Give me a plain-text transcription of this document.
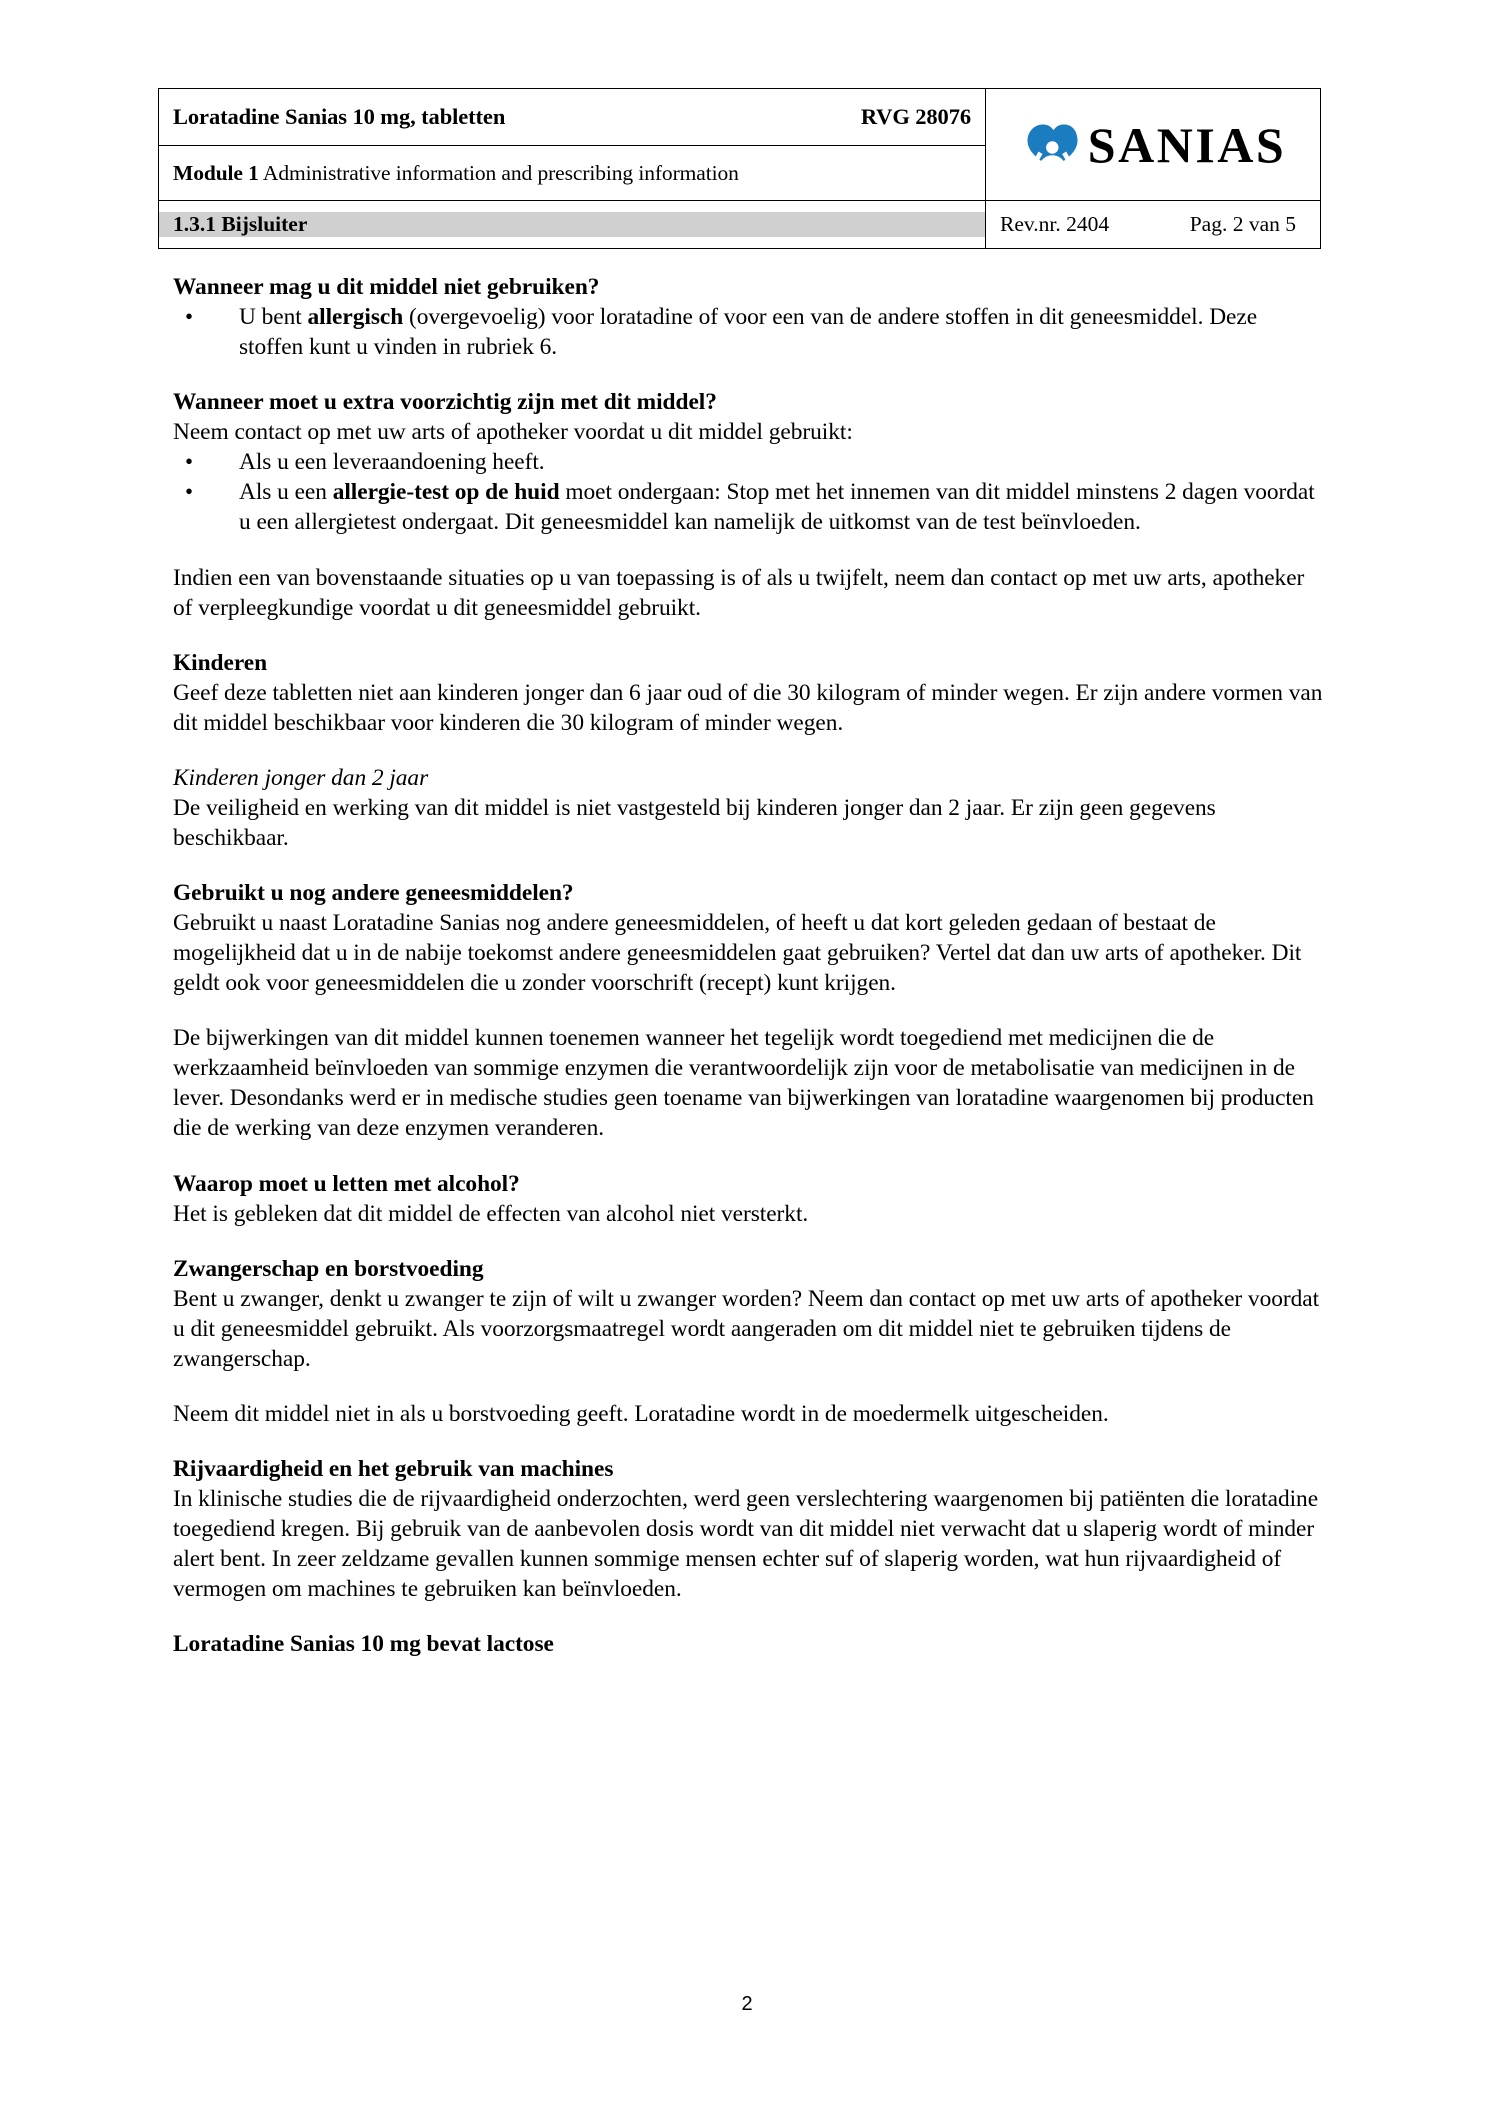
Loratadine Sanias 10 mg, tabletten RVG 28076	SANIAS

Module 1 Administrative information and prescribing information	

1.3.1 Bijsluiter	Rev.nr. 2404 Pag. 2 van 5

Wanneer mag u dit middel niet gebruiken?

• U bent allergisch (overgevoelig) voor loratadine of voor een van de andere stoffen in dit geneesmiddel. Deze stoffen kunt u vinden in rubriek 6.

Wanneer moet u extra voorzichtig zijn met dit middel?

Neem contact op met uw arts of apotheker voordat u dit middel gebruikt:

• Als u een leveraandoening heeft.
• Als u een allergie-test op de huid moet ondergaan: Stop met het innemen van dit middel minstens 2 dagen voordat u een allergietest ondergaat. Dit geneesmiddel kan namelijk de uitkomst van de test beïnvloeden.

Indien een van bovenstaande situaties op u van toepassing is of als u twijfelt, neem dan contact op met uw arts, apotheker of verpleegkundige voordat u dit geneesmiddel gebruikt.

Kinderen

Geef deze tabletten niet aan kinderen jonger dan 6 jaar oud of die 30 kilogram of minder wegen. Er zijn andere vormen van dit middel beschikbaar voor kinderen die 30 kilogram of minder wegen.

Kinderen jonger dan 2 jaar

De veiligheid en werking van dit middel is niet vastgesteld bij kinderen jonger dan 2 jaar. Er zijn geen gegevens beschikbaar.

Gebruikt u nog andere geneesmiddelen?

Gebruikt u naast Loratadine Sanias nog andere geneesmiddelen, of heeft u dat kort geleden gedaan of bestaat de mogelijkheid dat u in de nabije toekomst andere geneesmiddelen gaat gebruiken? Vertel dat dan uw arts of apotheker. Dit geldt ook voor geneesmiddelen die u zonder voorschrift (recept) kunt krijgen.

De bijwerkingen van dit middel kunnen toenemen wanneer het tegelijk wordt toegediend met medicijnen die de werkzaamheid beïnvloeden van sommige enzymen die verantwoordelijk zijn voor de metabolisatie van medicijnen in de lever. Desondanks werd er in medische studies geen toename van bijwerkingen van loratadine waargenomen bij producten die de werking van deze enzymen veranderen.

Waarop moet u letten met alcohol?

Het is gebleken dat dit middel de effecten van alcohol niet versterkt.

Zwangerschap en borstvoeding

Bent u zwanger, denkt u zwanger te zijn of wilt u zwanger worden? Neem dan contact op met uw arts of apotheker voordat u dit geneesmiddel gebruikt. Als voorzorgsmaatregel wordt aangeraden om dit middel niet te gebruiken tijdens de zwangerschap.

Neem dit middel niet in als u borstvoeding geeft. Loratadine wordt in de moedermelk uitgescheiden.

Rijvaardigheid en het gebruik van machines

In klinische studies die de rijvaardigheid onderzochten, werd geen verslechtering waargenomen bij patiënten die loratadine toegediend kregen. Bij gebruik van de aanbevolen dosis wordt van dit middel niet verwacht dat u slaperig wordt of minder alert bent. In zeer zeldzame gevallen kunnen sommige mensen echter suf of slaperig worden, wat hun rijvaardigheid of vermogen om machines te gebruiken kan beïnvloeden.

Loratadine Sanias 10 mg bevat lactose

2
